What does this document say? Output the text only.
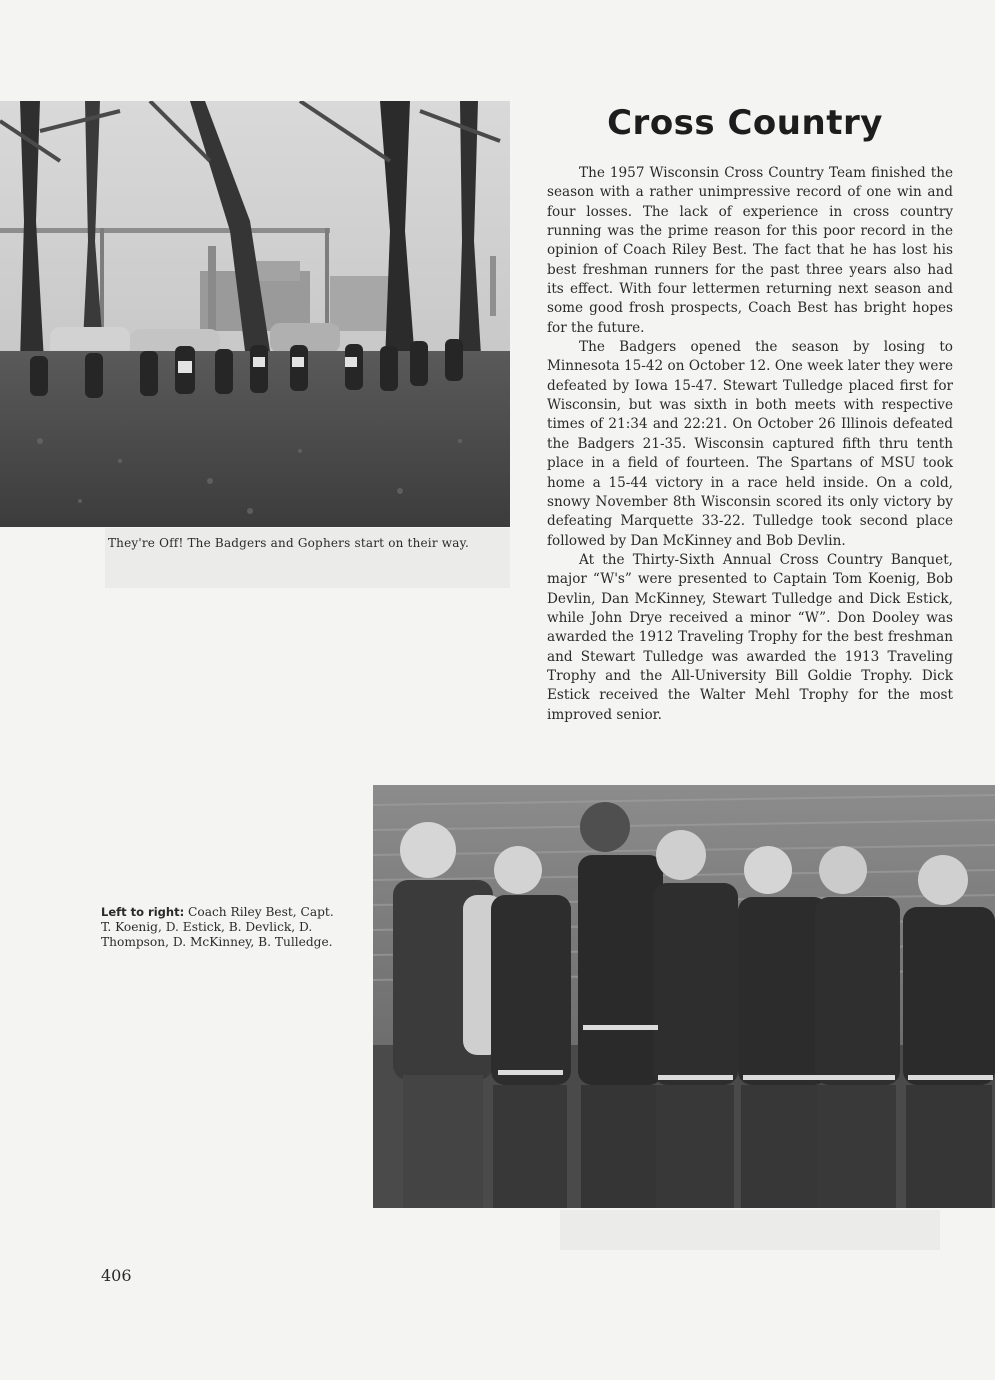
They're Off! The Badgers and Gophers start on their way.
Cross Country

The 1957 Wisconsin Cross Country Team finished the season with a rather unimpressive record of one win and four losses. The lack of experience in cross country running was the prime reason for this poor record in the opinion of Coach Riley Best. The fact that he has lost his best freshman runners for the past three years also had its effect. With four lettermen returning next season and some good frosh prospects, Coach Best has bright hopes for the future.

The Badgers opened the season by losing to Minnesota 15-42 on October 12. One week later they were defeated by Iowa 15-47. Stewart Tulledge placed first for Wisconsin, but was sixth in both meets with respective times of 21:34 and 22:21. On October 26 Illinois defeated the Badgers 21-35. Wisconsin captured fifth thru tenth place in a field of fourteen. The Spartans of MSU took home a 15-44 victory in a race held inside. On a cold, snowy November 8th Wisconsin scored its only victory by defeating Marquette 33-22. Tulledge took second place followed by Dan McKinney and Bob Devlin.

At the Thirty-Sixth Annual Cross Country Banquet, major “W's” were presented to Captain Tom Koenig, Bob Devlin, Dan McKinney, Stewart Tulledge and Dick Estick, while John Drye received a minor “W”. Don Dooley was awarded the 1912 Traveling Trophy for the best freshman and Stewart Tulledge was awarded the 1913 Traveling Trophy and the All-University Bill Goldie Trophy. Dick Estick received the Walter Mehl Trophy for the most improved senior.

Left to right: Coach Riley Best, Capt. T. Koenig, D. Estick, B. Devlick, D. Thompson, D. McKinney, B. Tulledge.
406
